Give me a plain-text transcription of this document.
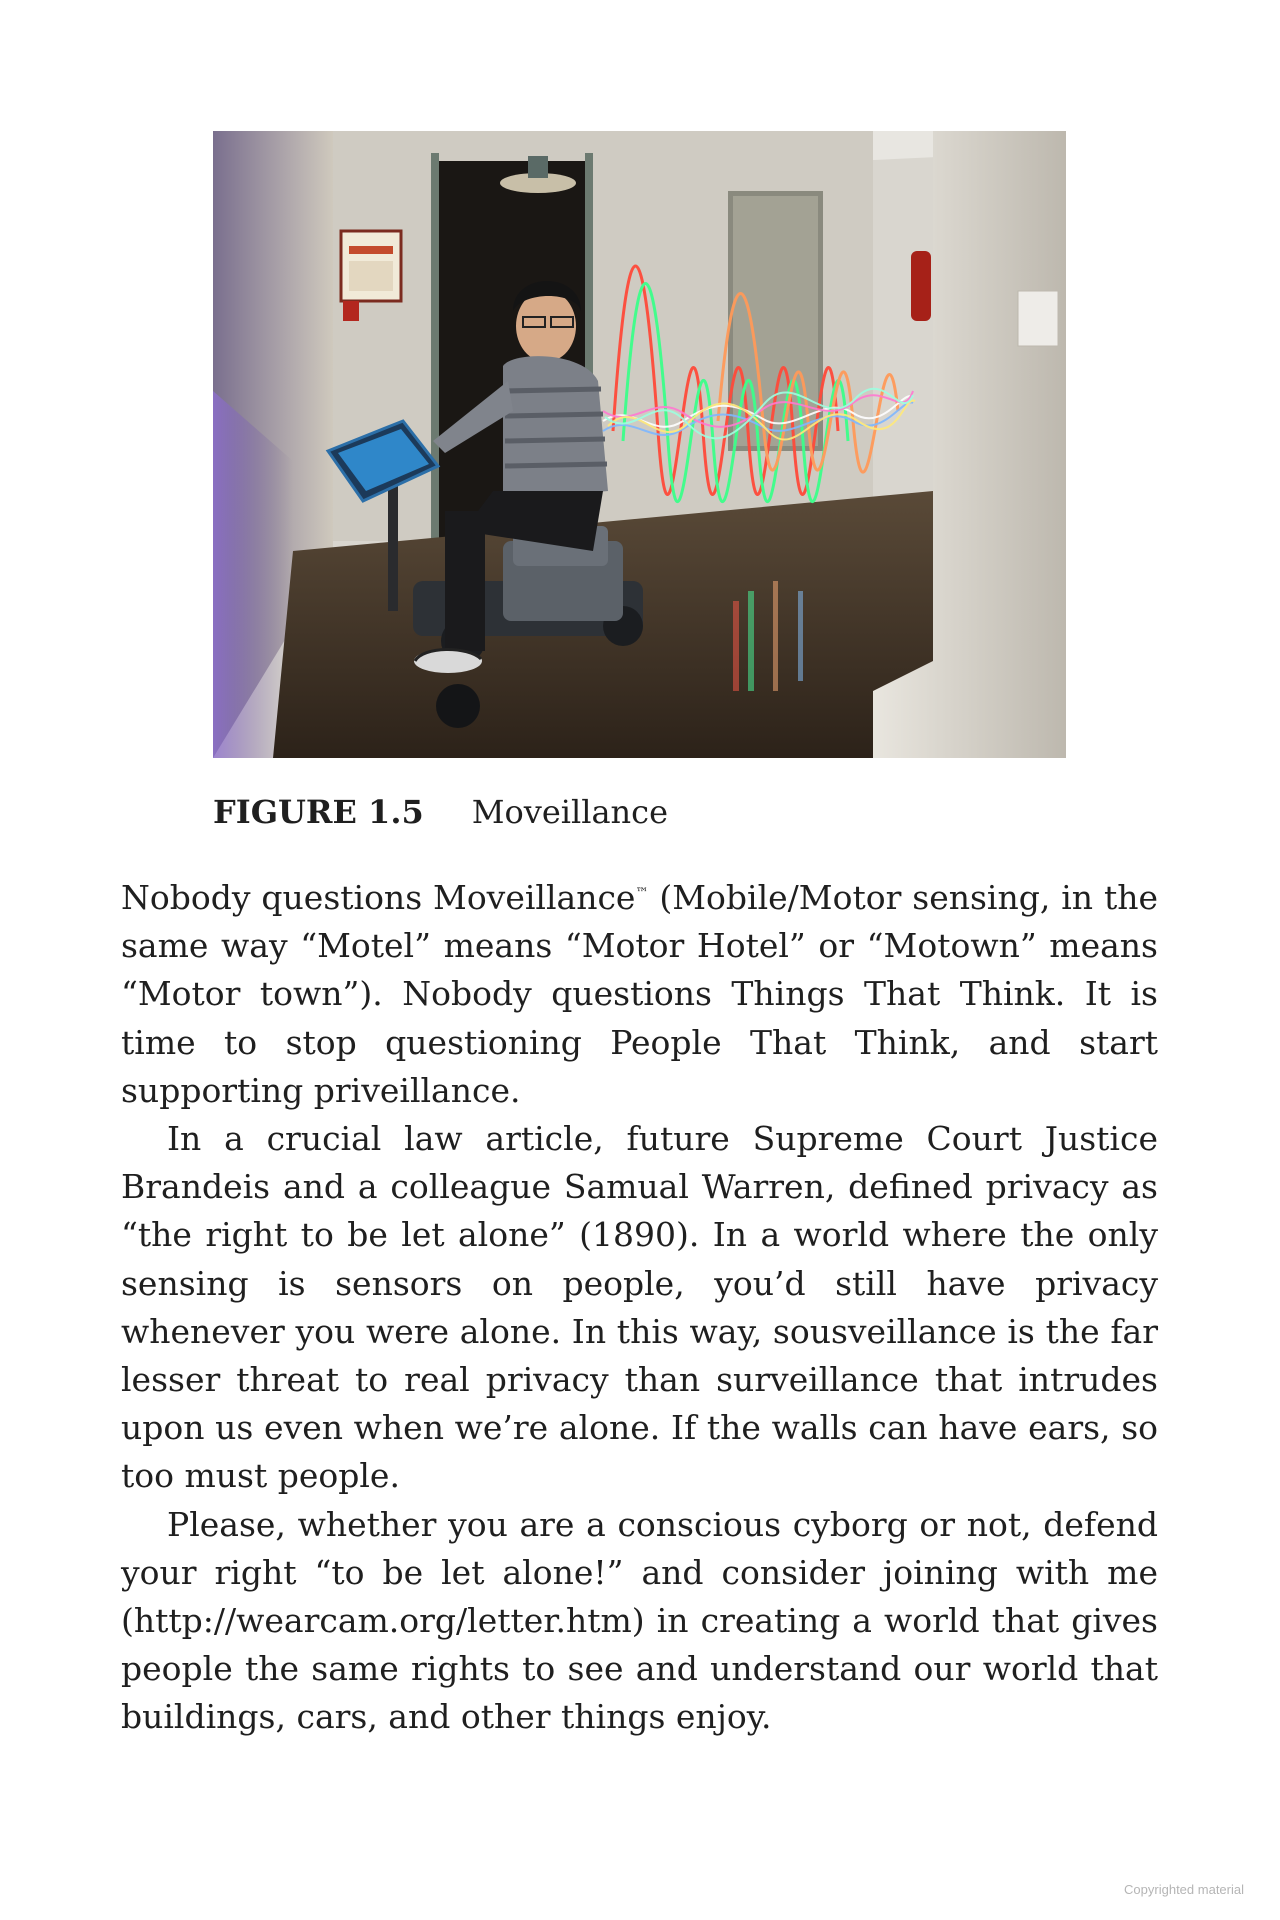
FIGURE 1.5 Moveillance

Nobody questions Moveillance™ (Mobile/Motor sensing, in the same way “Motel” means “Motor Hotel” or “Motown” means “Motor town”). Nobody questions Things That Think. It is time to stop questioning People That Think, and start supporting priveillance.

In a crucial law article, future Supreme Court Justice Brandeis and a colleague Samual Warren, defined privacy as “the right to be let alone” (1890). In a world where the only sensing is sensors on people, you’d still have privacy whenever you were alone. In this way, sousveillance is the far lesser threat to real privacy than surveillance that intrudes upon us even when we’re alone. If the walls can have ears, so too must people.

Please, whether you are a conscious cyborg or not, defend your right “to be let alone!” and consider joining with me (http://wearcam.org/letter.htm) in creating a world that gives people the same rights to see and understand our world that buildings, cars, and other things enjoy.

Copyrighted material
